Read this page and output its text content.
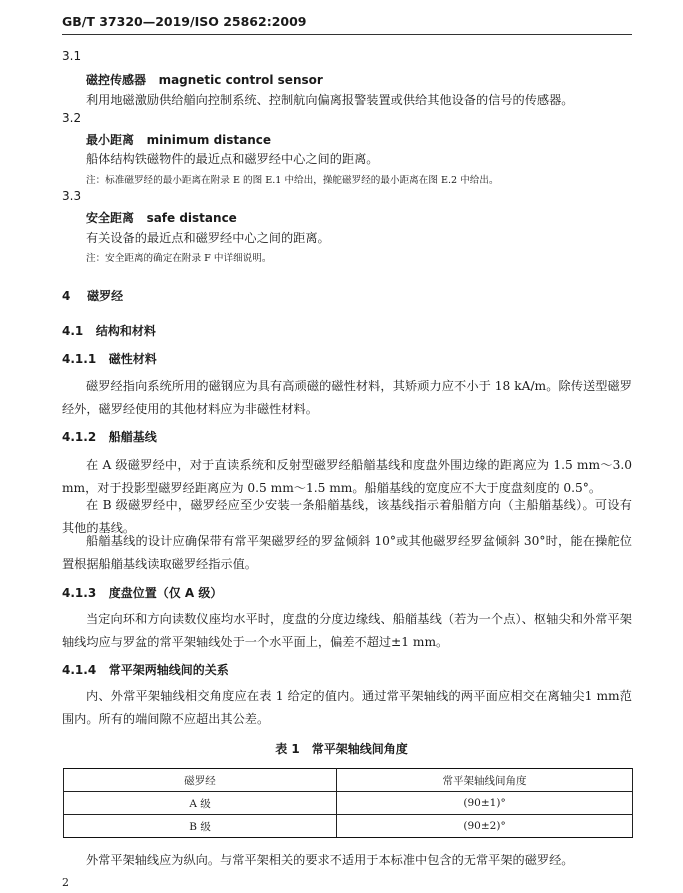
GB/T 37320—2019/ISO 25862:2009
3.1
磁控传感器 magnetic control sensor
利用地磁激励供给艏向控制系统、控制航向偏离报警装置或供给其他设备的信号的传感器。
3.2
最小距离 minimum distance
船体结构铁磁物件的最近点和磁罗经中心之间的距离。
注：标准磁罗经的最小距离在附录 E 的图 E.1 中给出，操舵磁罗经的最小距离在图 E.2 中给出。
3.3
安全距离 safe distance
有关设备的最近点和磁罗经中心之间的距离。
注：安全距离的确定在附录 F 中详细说明。
4 磁罗经
4.1 结构和材料
4.1.1 磁性材料
磁罗经指向系统所用的磁钢应为具有高顽磁的磁性材料，其矫顽力应不小于 18 kA/m。除传送型磁罗经外，磁罗经使用的其他材料应为非磁性材料。
4.1.2 船艏基线
在 A 级磁罗经中，对于直读系统和反射型磁罗经船艏基线和度盘外围边缘的距离应为 1.5 mm～3.0 mm，对于投影型磁罗经距离应为 0.5 mm～1.5 mm。船艏基线的宽度应不大于度盘刻度的 0.5°。
在 B 级磁罗经中，磁罗经应至少安装一条船艏基线，该基线指示着船艏方向（主船艏基线）。可设有其他的基线。
船艏基线的设计应确保带有常平架磁罗经的罗盆倾斜 10°或其他磁罗经罗盆倾斜 30°时，能在操舵位置根据船艏基线读取磁罗经指示值。
4.1.3 度盘位置（仅 A 级）
当定向环和方向读数仪座均水平时，度盘的分度边缘线、船艏基线（若为一个点）、枢轴尖和外常平架轴线均应与罗盆的常平架轴线处于一个水平面上，偏差不超过±1 mm。
4.1.4 常平架两轴线间的关系
内、外常平架轴线相交角度应在表 1 给定的值内。通过常平架轴线的两平面应相交在离轴尖1 mm范围内。所有的端间隙不应超出其公差。
表 1　常平架轴线间角度
磁罗经	常平架轴线间角度
A 级	(90±1)°
B 级	(90±2)°
外常平架轴线应为纵向。与常平架相关的要求不适用于本标准中包含的无常平架的磁罗经。
2
